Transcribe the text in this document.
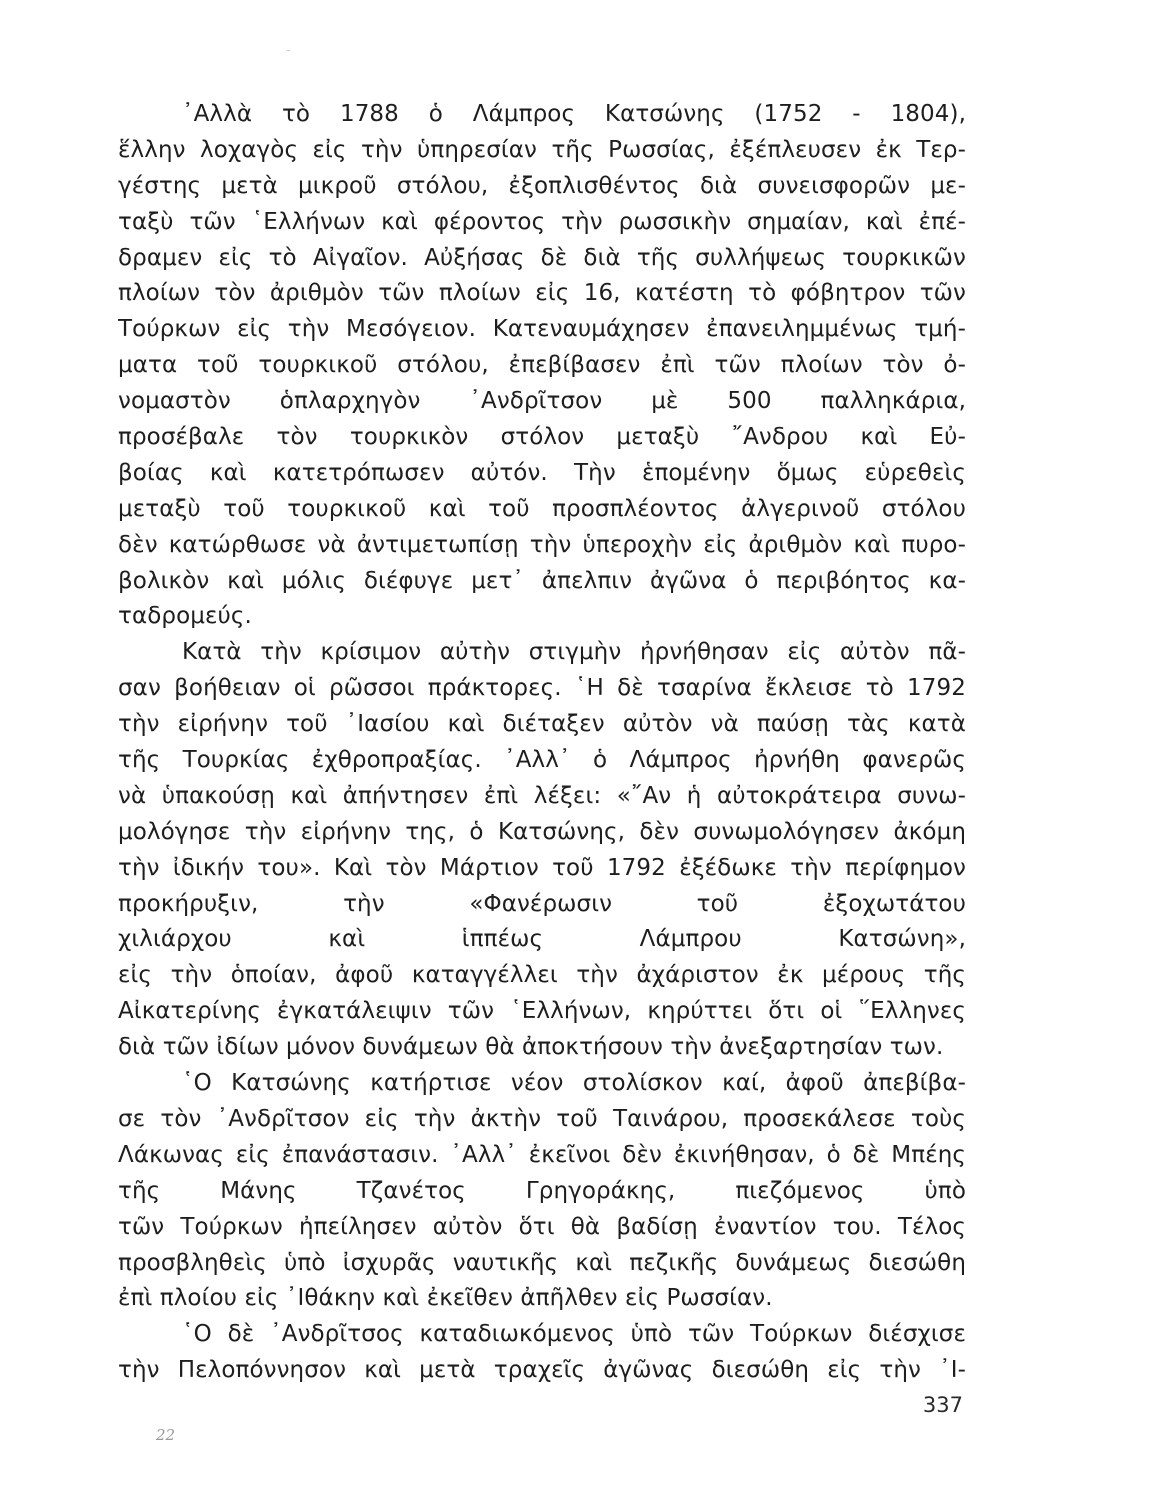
᾿Αλλὰ τὸ 1788 ὁ Λάμπρος Κατσώνης (1752 - 1804),
ἕλλην λοχαγὸς εἰς τὴν ὑπηρεσίαν τῆς Ρωσσίας, ἐξέπλευσεν ἐκ Τερ-
γέστης μετὰ μικροῦ στόλου, ἐξοπλισθέντος διὰ συνεισφορῶν με-
ταξὺ τῶν ῾Ελλήνων καὶ φέροντος τὴν ρωσσικὴν σημαίαν, καὶ ἐπέ-
δραμεν εἰς τὸ Αἰγαῖον. Αὐξήσας δὲ διὰ τῆς συλλήψεως τουρκικῶν
πλοίων τὸν ἀριθμὸν τῶν πλοίων εἰς 16, κατέστη τὸ φόβητρον τῶν
Τούρκων εἰς τὴν Μεσόγειον. Κατεναυμάχησεν ἐπανειλημμένως τμή-
ματα τοῦ τουρκικοῦ στόλου, ἐπεβίβασεν ἐπὶ τῶν πλοίων τὸν ὀ-
νομαστὸν ὁπλαρχηγὸν ᾿Ανδρῖτσον μὲ 500 παλληκάρια,
προσέβαλε τὸν τουρκικὸν στόλον μεταξὺ ῎Ανδρου καὶ Εὐ-
βοίας καὶ κατετρόπωσεν αὐτόν. Τὴν ἑπομένην ὅμως εὑρεθεὶς
μεταξὺ τοῦ τουρκικοῦ καὶ τοῦ προσπλέοντος ἀλγερινοῦ στόλου
δὲν κατώρθωσε νὰ ἀντιμετωπίσῃ τὴν ὑπεροχὴν εἰς ἀριθμὸν καὶ πυρο-
βολικὸν καὶ μόλις διέφυγε μετ᾿ ἀπελπιν ἀγῶνα ὁ περιβόητος κα-
ταδρομεύς.
Κατὰ τὴν κρίσιμον αὐτὴν στιγμὴν ἠρνήθησαν εἰς αὐτὸν πᾶ-
σαν βοήθειαν οἱ ρῶσσοι πράκτορες. ῾Η δὲ τσαρίνα ἔκλεισε τὸ 1792
τὴν εἰρήνην τοῦ ᾿Ιασίου καὶ διέταξεν αὐτὸν νὰ παύσῃ τὰς κατὰ
τῆς Τουρκίας ἐχθροπραξίας. ᾿Αλλ᾿ ὁ Λάμπρος ἠρνήθη φανερῶς
νὰ ὑπακούσῃ καὶ ἀπήντησεν ἐπὶ λέξει: «῎Αν ἡ αὐτοκράτειρα συνω-
μολόγησε τὴν εἰρήνην της, ὁ Κατσώνης, δὲν συνωμολόγησεν ἀκόμη
τὴν ἰδικήν του». Καὶ τὸν Μάρτιον τοῦ 1792 ἐξέδωκε τὴν περίφημον
προκήρυξιν, τὴν «Φανέρωσιν τοῦ ἐξοχωτάτου
χιλιάρχου καὶ ἱππέως Λάμπρου Κατσώνη»,
εἰς τὴν ὁποίαν, ἀφοῦ καταγγέλλει τὴν ἀχάριστον ἐκ μέρους τῆς
Αἰκατερίνης ἐγκατάλειψιν τῶν ῾Ελλήνων, κηρύττει ὅτι οἱ ῞Ελληνες
διὰ τῶν ἰδίων μόνον δυνάμεων θὰ ἀποκτήσουν τὴν ἀνεξαρτησίαν των.
῾Ο Κατσώνης κατήρτισε νέον στολίσκον καί, ἀφοῦ ἀπεβίβα-
σε τὸν ᾿Ανδρῖτσον εἰς τὴν ἀκτὴν τοῦ Ταινάρου, προσεκάλεσε τοὺς
Λάκωνας εἰς ἐπανάστασιν. ᾿Αλλ᾿ ἐκεῖνοι δὲν ἐκινήθησαν, ὁ δὲ Μπέης
τῆς Μάνης Τζανέτος Γρηγοράκης, πιεζόμενος ὑπὸ
τῶν Τούρκων ἠπείλησεν αὐτὸν ὅτι θὰ βαδίσῃ ἐναντίον του. Τέλος
προσβληθεὶς ὑπὸ ἰσχυρᾶς ναυτικῆς καὶ πεζικῆς δυνάμεως διεσώθη
ἐπὶ πλοίου εἰς ᾿Ιθάκην καὶ ἐκεῖθεν ἀπῆλθεν εἰς Ρωσσίαν.
῾Ο δὲ ᾿Ανδρῖτσος καταδιωκόμενος ὑπὸ τῶν Τούρκων διέσχισε
τὴν Πελοπόννησον καὶ μετὰ τραχεῖς ἀγῶνας διεσώθη εἰς τὴν ᾿Ι-
337
22
